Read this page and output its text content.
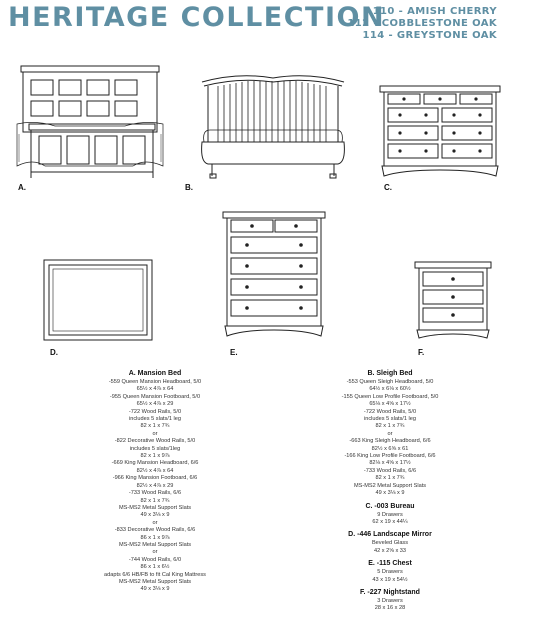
HERITAGE COLLECTION
110 - AMISH CHERRY
112 - COBBLESTONE OAK
114 - GREYSTONE OAK
A.	B.	C.
D.	E.	F.
A. Mansion Bed
-559 Queen Mansion Headboard, 5/0
65½ x 4⅞ x 64
-955 Queen Mansion Footboard, 5/0
65½ x 4⅞ x 29
-722 Wood Rails, 5/0
includes 5 slats/1 leg
82 x 1 x 7¾
or
-822 Decorative Wood Rails, 5/0
includes 5 slats/1leg
82 x 1 x 9⅞
-669 King Mansion Headboard, 6/6
82½ x 4⅞ x 64
-966 King Mansion Footboard, 6/6
82½ x 4⅞ x 29
-733 Wood Rails, 6/6
82 x 1 x 7¾
MS-MS2 Metal Support Slats
49 x 3⅛ x 9
or
-833 Decorative Wood Rails, 6/6
86 x 1 x 9⅞
MS-MS2 Metal Support Slats
or
-744 Wood Rails, 6/0
86 x 1 x 6½
adapts 6/6 HB/FB to fit Cal King Mattress
MS-MS2 Metal Support Slats
49 x 3⅛ x 9
B. Sleigh Bed
-553 Queen Sleigh Headboard, 5/0
64½ x 6⅛ x 60½
-155 Queen Low Profile Footboard, 5/0
65⅛ x 4⅝ x 17½
-722 Wood Rails, 5/0
includes 5 slats/1 leg
82 x 1 x 7¾
or
-663 King Sleigh Headboard, 6/6
82½ x 6⅝ x 61
-166 King Low Profile Footboard, 6/6
82⅛ x 4⅝ x 17½
-733 Wood Rails, 6/6
82 x 1 x 7¾
MS-MS2 Metal Support Slats
49 x 3⅛ x 9
C. -003 Bureau
9 Drawers
62 x 19 x 44¼
D. -446 Landscape Mirror
Beveled Glass
42 x 2⅝ x 33
E. -115 Chest
5 Drawers
43 x 19 x 54½
F. -227 Nightstand
3 Drawers
28 x 16 x 28
